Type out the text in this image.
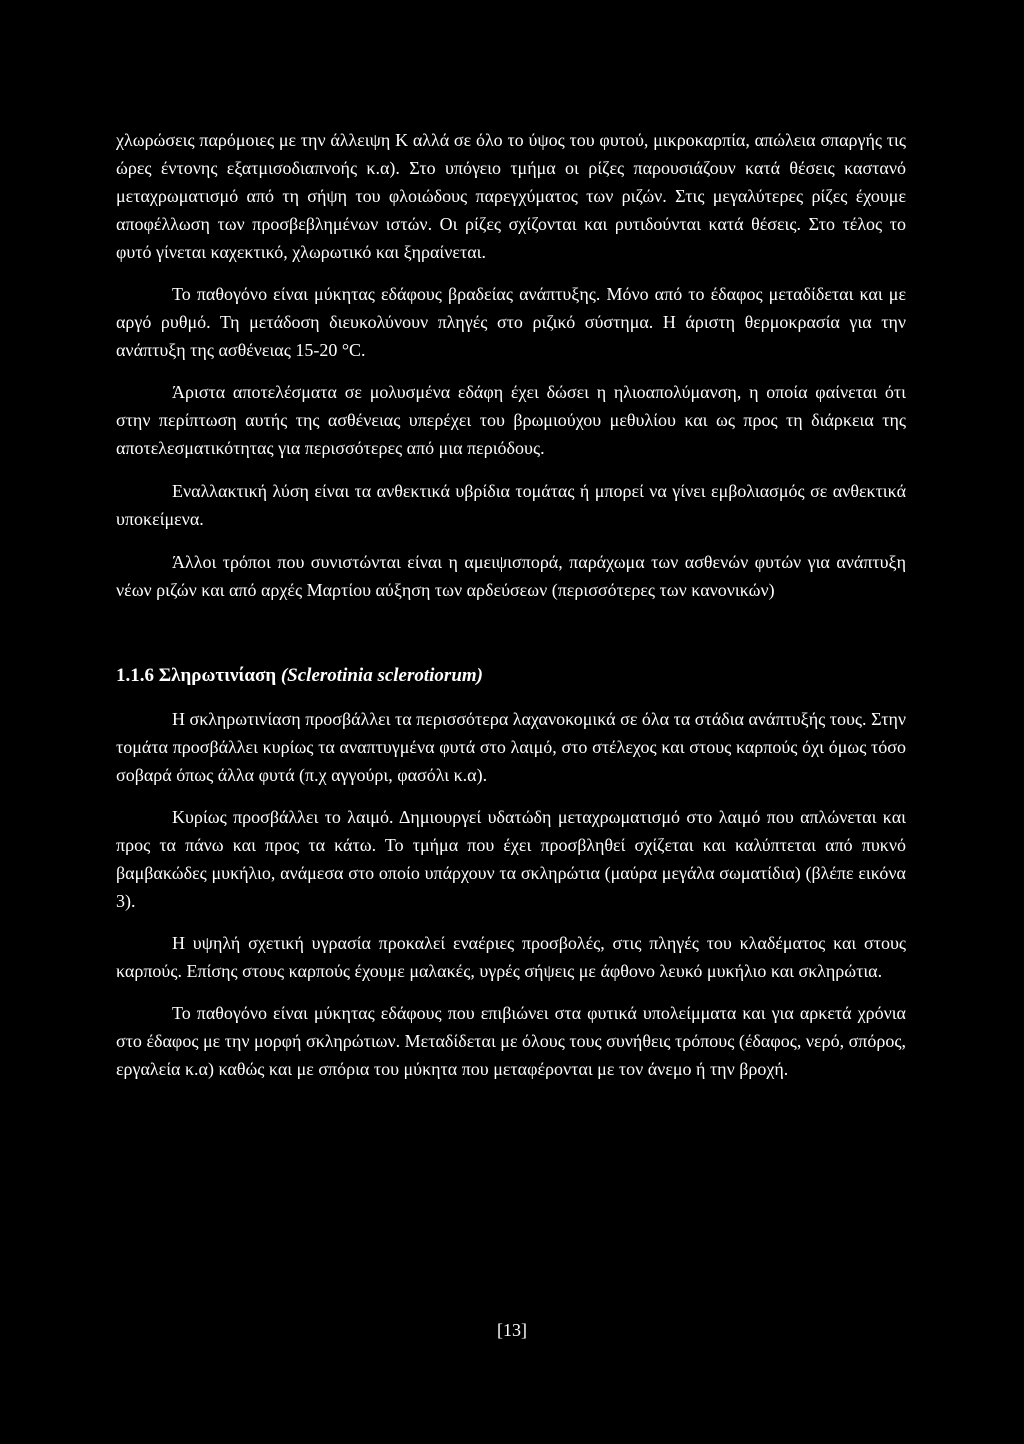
χλωρώσεις παρόμοιες με την άλλειψη Κ αλλά σε όλο το ύψος του φυτού, μικροκαρπία, απώλεια σπαργής τις ώρες έντονης εξατμισοδιαπνοής κ.α). Στο υπόγειο τμήμα οι ρίζες παρουσιάζουν κατά θέσεις καστανό μεταχρωματισμό από τη σήψη του φλοιώδους παρεγχύματος των ριζών. Στις μεγαλύτερες ρίζες έχουμε αποφέλλωση των προσβεβλημένων ιστών. Οι ρίζες σχίζονται και ρυτιδούνται κατά θέσεις. Στο τέλος το φυτό γίνεται καχεκτικό, χλωρωτικό και ξηραίνεται.

Το παθογόνο είναι μύκητας εδάφους βραδείας ανάπτυξης. Μόνο από το έδαφος μεταδίδεται και με αργό ρυθμό. Τη μετάδοση διευκολύνουν πληγές στο ριζικό σύστημα. Η άριστη θερμοκρασία για την ανάπτυξη της ασθένειας 15-20 °C.

Άριστα αποτελέσματα σε μολυσμένα εδάφη έχει δώσει η ηλιοαπολύμανση, η οποία φαίνεται ότι στην περίπτωση αυτής της ασθένειας υπερέχει του βρωμιούχου μεθυλίου και ως προς τη διάρκεια της αποτελεσματικότητας για περισσότερες από μια περιόδους.

Εναλλακτική λύση είναι τα ανθεκτικά υβρίδια τομάτας ή μπορεί να γίνει εμβολιασμός σε ανθεκτικά υποκείμενα.

Άλλοι τρόποι που συνιστώνται είναι η αμειψισπορά, παράχωμα των ασθενών φυτών για ανάπτυξη νέων ριζών και από αρχές Μαρτίου αύξηση των αρδεύσεων (περισσότερες των κανονικών)

1.1.6 Σληρωτινίαση (Sclerotinia sclerotiorum)

Η σκληρωτινίαση προσβάλλει τα περισσότερα λαχανοκομικά σε όλα τα στάδια ανάπτυξής τους. Στην τομάτα προσβάλλει κυρίως τα αναπτυγμένα φυτά στο λαιμό, στο στέλεχος και στους καρπούς όχι όμως τόσο σοβαρά όπως άλλα φυτά (π.χ αγγούρι, φασόλι κ.α).

Κυρίως προσβάλλει το λαιμό. Δημιουργεί υδατώδη μεταχρωματισμό στο λαιμό που απλώνεται και προς τα πάνω και προς τα κάτω. Το τμήμα που έχει προσβληθεί σχίζεται και καλύπτεται από πυκνό βαμβακώδες μυκήλιο, ανάμεσα στο οποίο υπάρχουν τα σκληρώτια (μαύρα μεγάλα σωματίδια) (βλέπε εικόνα 3).

Η υψηλή σχετική υγρασία προκαλεί εναέριες προσβολές, στις πληγές του κλαδέματος και στους καρπούς. Επίσης στους καρπούς έχουμε μαλακές, υγρές σήψεις με άφθονο λευκό μυκήλιο και σκληρώτια.

Το παθογόνο είναι μύκητας εδάφους που επιβιώνει στα φυτικά υπολείμματα και για αρκετά χρόνια στο έδαφος με την μορφή σκληρώτιων. Μεταδίδεται με όλους τους συνήθεις τρόπους (έδαφος, νερό, σπόρος, εργαλεία κ.α) καθώς και με σπόρια του μύκητα που μεταφέρονται με τον άνεμο ή την βροχή.

[13]
